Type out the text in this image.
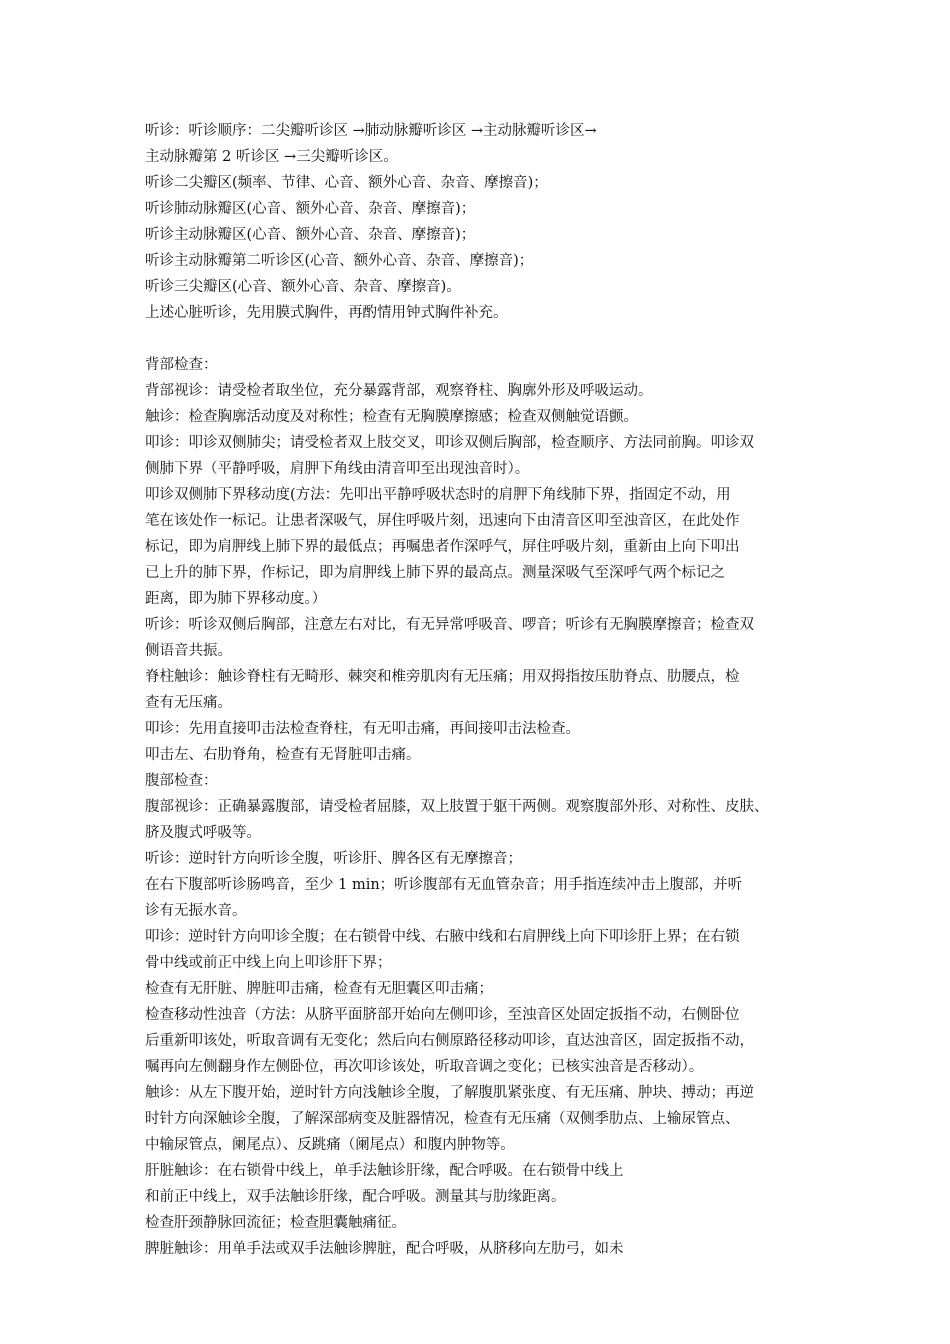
听诊：听诊顺序：二尖瓣听诊区 →肺动脉瓣听诊区 →主动脉瓣听诊区→
主动脉瓣第 2 听诊区 →三尖瓣听诊区。
听诊二尖瓣区(频率、节律、心音、额外心音、杂音、摩擦音)；
听诊肺动脉瓣区(心音、额外心音、杂音、摩擦音)；
听诊主动脉瓣区(心音、额外心音、杂音、摩擦音)；
听诊主动脉瓣第二听诊区(心音、额外心音、杂音、摩擦音)；
听诊三尖瓣区(心音、额外心音、杂音、摩擦音)。
上述心脏听诊，先用膜式胸件，再酌情用钟式胸件补充。
背部检查：
背部视诊：请受检者取坐位，充分暴露背部，观察脊柱、胸廓外形及呼吸运动。
触诊：检查胸廓活动度及对称性；检查有无胸膜摩擦感；检查双侧触觉语颤。
叩诊：叩诊双侧肺尖；请受检者双上肢交叉，叩诊双侧后胸部，检查顺序、方法同前胸。叩诊双
侧肺下界（平静呼吸，肩胛下角线由清音叩至出现浊音时）。
叩诊双侧肺下界移动度(方法：先叩出平静呼吸状态时的肩胛下角线肺下界，指固定不动，用
笔在该处作一标记。让患者深吸气，屏住呼吸片刻，迅速向下由清音区叩至浊音区，在此处作
标记，即为肩胛线上肺下界的最低点；再嘱患者作深呼气，屏住呼吸片刻，重新由上向下叩出
已上升的肺下界，作标记，即为肩胛线上肺下界的最高点。测量深吸气至深呼气两个标记之
距离，即为肺下界移动度。）
听诊：听诊双侧后胸部，注意左右对比，有无异常呼吸音、啰音；听诊有无胸膜摩擦音；检查双
侧语音共振。
脊柱触诊：触诊脊柱有无畸形、棘突和椎旁肌肉有无压痛；用双拇指按压肋脊点、肋腰点，检
查有无压痛。
叩诊：先用直接叩击法检查脊柱，有无叩击痛，再间接叩击法检查。
叩击左、右肋脊角，检查有无肾脏叩击痛。
腹部检查：
腹部视诊：正确暴露腹部，请受检者屈膝，双上肢置于躯干两侧。观察腹部外形、对称性、皮肤、
脐及腹式呼吸等。
听诊：逆时针方向听诊全腹，听诊肝、脾各区有无摩擦音；
在右下腹部听诊肠鸣音，至少 1 min；听诊腹部有无血管杂音；用手指连续冲击上腹部，并听
诊有无振水音。
叩诊：逆时针方向叩诊全腹；在右锁骨中线、右腋中线和右肩胛线上向下叩诊肝上界；在右锁
骨中线或前正中线上向上叩诊肝下界；
检查有无肝脏、脾脏叩击痛，检查有无胆囊区叩击痛；
检查移动性浊音（方法：从脐平面脐部开始向左侧叩诊，至浊音区处固定扳指不动，右侧卧位
后重新叩该处，听取音调有无变化；然后向右侧原路径移动叩诊，直达浊音区，固定扳指不动，
嘱再向左侧翻身作左侧卧位，再次叩诊该处，听取音调之变化；已核实浊音是否移动）。
触诊：从左下腹开始，逆时针方向浅触诊全腹，了解腹肌紧张度、有无压痛、肿块、搏动；再逆
时针方向深触诊全腹，了解深部病变及脏器情况，检查有无压痛（双侧季肋点、上输尿管点、
中输尿管点，阑尾点）、反跳痛（阑尾点）和腹内肿物等。
肝脏触诊：在右锁骨中线上，单手法触诊肝缘，配合呼吸。在右锁骨中线上
和前正中线上，双手法触诊肝缘，配合呼吸。测量其与肋缘距离。
检查肝颈静脉回流征；检查胆囊触痛征。
脾脏触诊：用单手法或双手法触诊脾脏，配合呼吸，从脐移向左肋弓，如未
